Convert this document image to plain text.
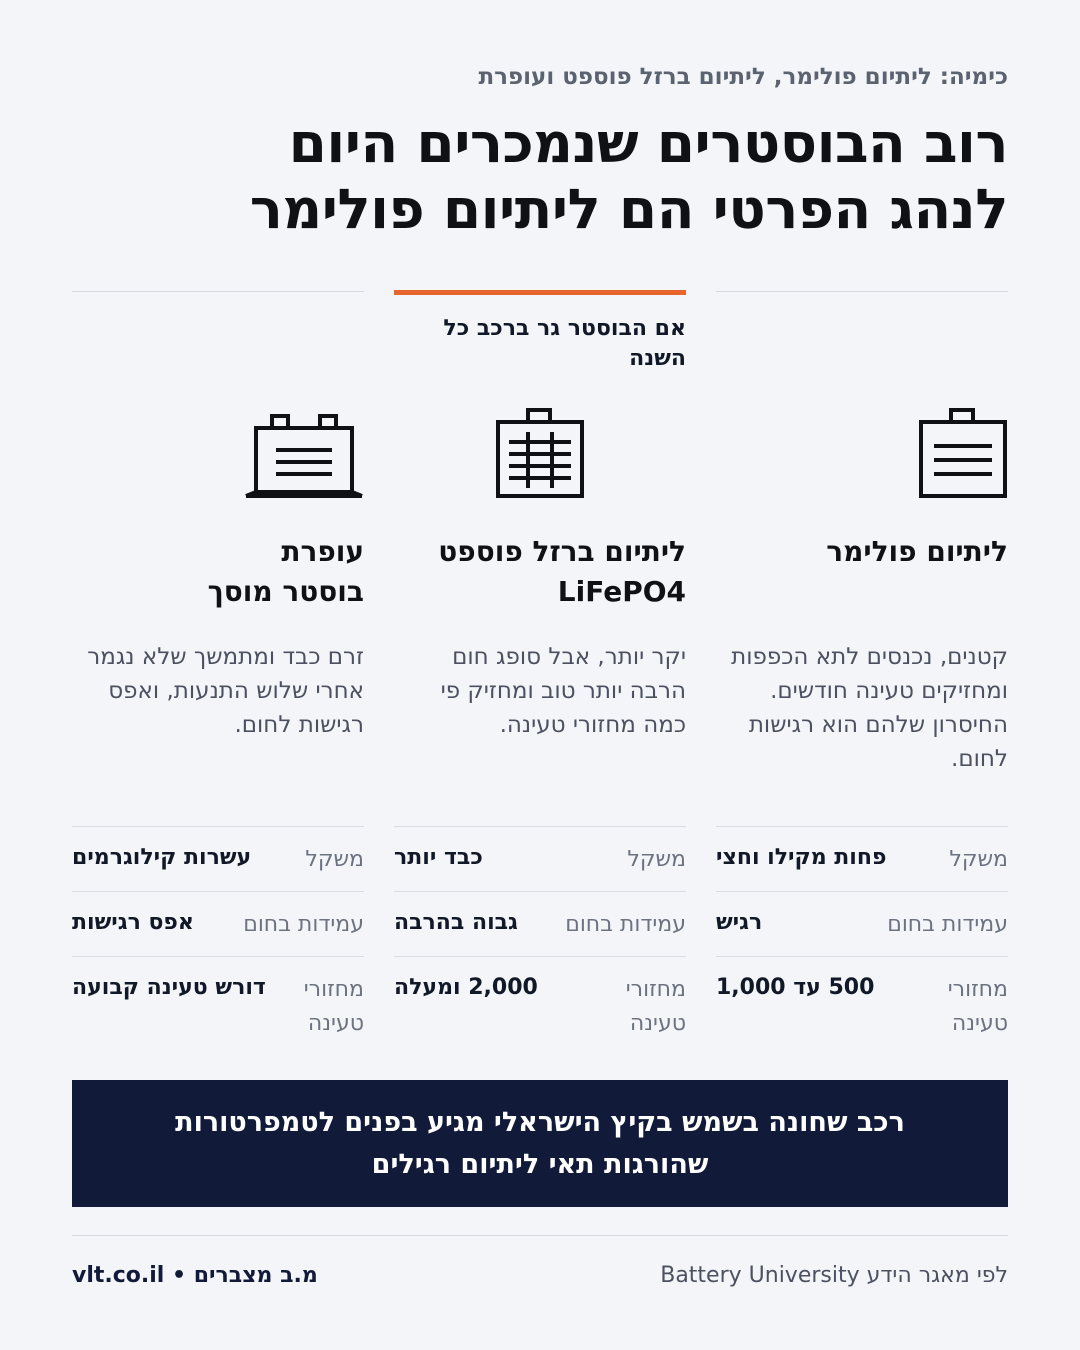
כימיה: ליתיום פולימר, ליתיום ברזל פוספט ועופרת
רוב הבוסטרים שנמכרים היום
לנהג הפרטי הם ליתיום פולימר
אם הבוסטר גר ברכב כל השנה
ליתיום פולימר
קטנים, נכנסים לתא הכפפות ומחזיקים טעינה חודשים. החיסרון שלהם הוא רגישות לחום.
ליתיום ברזל פוספט
LiFePO4
יקר יותר, אבל סופג חום הרבה יותר טוב ומחזיק פי כמה מחזורי טעינה.
עופרת
בוסטר מוסך
זרם כבד ומתמשך שלא נגמר אחרי שלוש התנעות, ואפס רגישות לחום.
משקל
פחות מקילו וחצי
עמידות בחום
רגיש
מחזורי טעינה
500 עד 1,000
משקל
כבד יותר
עמידות בחום
גבוה בהרבה
מחזורי טעינה
2,000 ומעלה
משקל
עשרות קילוגרמים
עמידות בחום
אפס רגישות
מחזורי טעינה
דורש טעינה קבועה
רכב שחונה בשמש בקיץ הישראלי מגיע בפנים לטמפרטורות
שהורגות תאי ליתיום רגילים
לפי מאגר הידע Battery University
vlt.co.il • מ.ב מצברים
